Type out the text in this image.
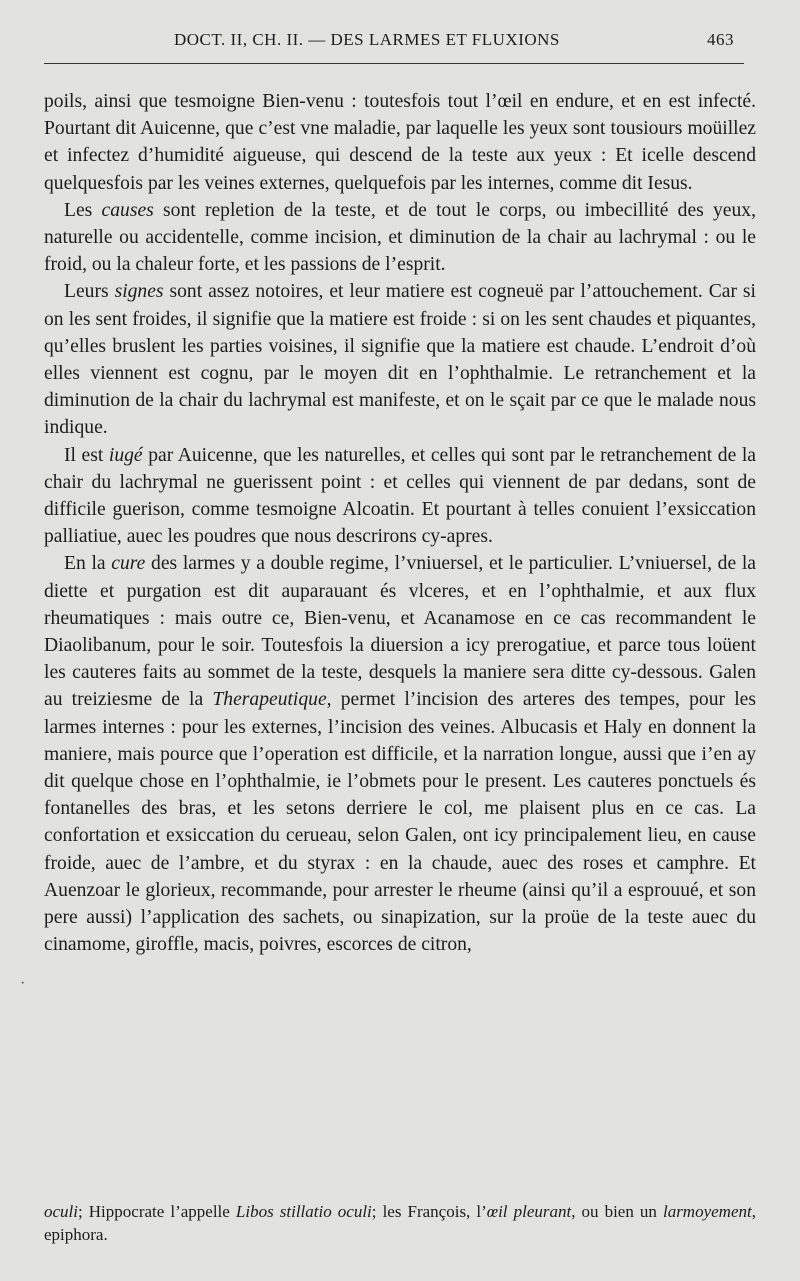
DOCT. II, CH. II. — DES LARMES ET FLUXIONS	463

poils, ainsi que tesmoigne Bien-venu : toutesfois tout l’œil en endure, et en est infecté. Pourtant dit Auicenne, que c’est vne maladie, par laquelle les yeux sont tousiours moüillez et infectez d’humidité aigueuse, qui descend de la teste aux yeux : Et icelle descend quelquesfois par les veines externes, quelquefois par les internes, comme dit Iesus.

Les causes sont repletion de la teste, et de tout le corps, ou imbecillité des yeux, naturelle ou accidentelle, comme incision, et diminution de la chair au lachrymal : ou le froid, ou la chaleur forte, et les passions de l’esprit.

Leurs signes sont assez notoires, et leur matiere est cogneuë par l’attouchement. Car si on les sent froides, il signifie que la matiere est froide : si on les sent chaudes et piquantes, qu’elles bruslent les parties voisines, il signifie que la matiere est chaude. L’endroit d’où elles viennent est cognu, par le moyen dit en l’ophthalmie. Le retranchement et la diminution de la chair du lachrymal est manifeste, et on le sçait par ce que le malade nous indique.

Il est iugé par Auicenne, que les naturelles, et celles qui sont par le retranchement de la chair du lachrymal ne guerissent point : et celles qui viennent de par dedans, sont de difficile guerison, comme tesmoigne Alcoatin. Et pourtant à telles conuient l’exsiccation palliatiue, auec les poudres que nous descrirons cy-apres.

En la cure des larmes y a double regime, l’vniuersel, et le particulier. L’vniuersel, de la diette et purgation est dit auparauant és vlceres, et en l’ophthalmie, et aux flux rheumatiques : mais outre ce, Bien-venu, et Acanamose en ce cas recommandent le Diaolibanum, pour le soir. Toutesfois la diuersion a icy prerogatiue, et parce tous loüent les cauteres faits au sommet de la teste, desquels la maniere sera ditte cy-dessous. Galen au treiziesme de la Therapeutique, permet l’incision des arteres des tempes, pour les larmes internes : pour les externes, l’incision des veines. Albucasis et Haly en donnent la maniere, mais pource que l’operation est difficile, et la narration longue, aussi que i’en ay dit quelque chose en l’ophthalmie, ie l’obmets pour le present. Les cauteres ponctuels és fontanelles des bras, et les setons derriere le col, me plaisent plus en ce cas. La confortation et exsiccation du cerueau, selon Galen, ont icy principalement lieu, en cause froide, auec de l’ambre, et du styrax : en la chaude, auec des roses et camphre. Et Auenzoar le glorieux, recommande, pour arrester le rheume (ainsi qu’il a esprouué, et son pere aussi) l’application des sachets, ou sinapization, sur la proüe de la teste auec du cinamome, giroffle, macis, poivres, escorces de citron,

·
oculi; Hippocrate l’appelle Libos stillatio oculi; les François, l’œil pleurant, ou bien un larmoyement, epiphora.
